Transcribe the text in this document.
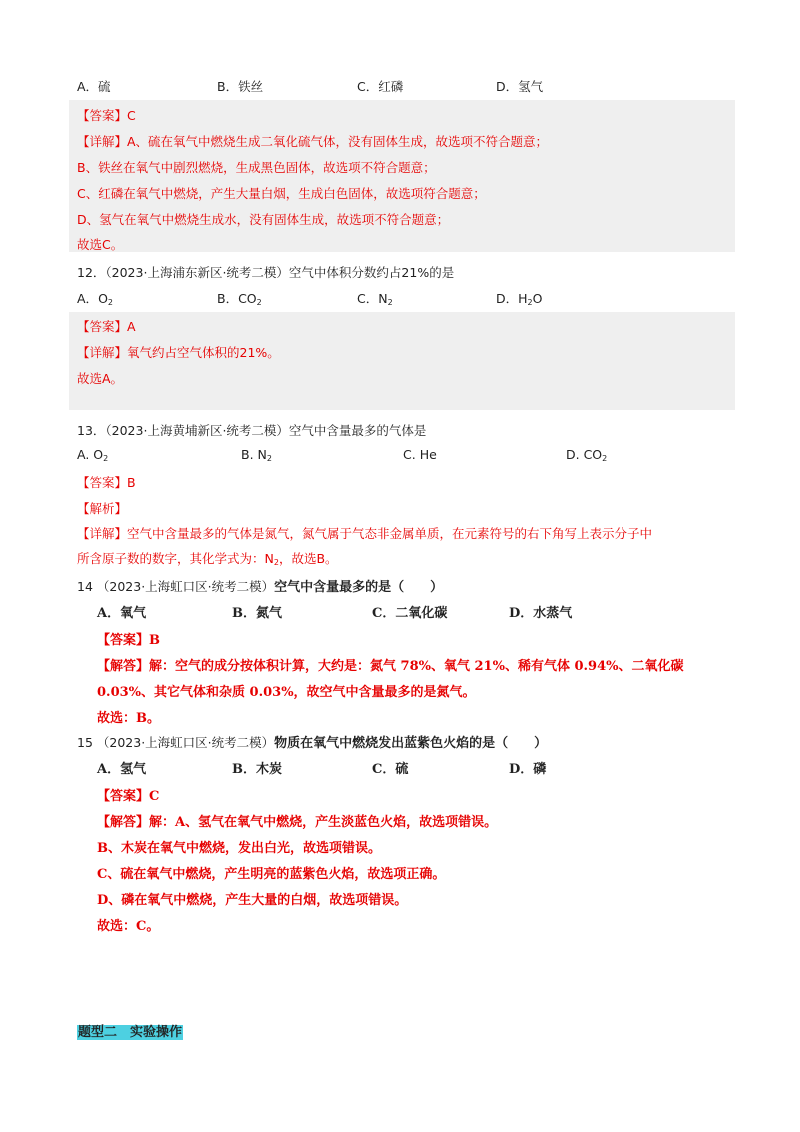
A．硫	B．铁丝	C．红磷	D．氢气
【答案】C
【详解】A、硫在氧气中燃烧生成二氧化硫气体，没有固体生成，故选项不符合题意；
B、铁丝在氧气中剧烈燃烧，生成黑色固体，故选项不符合题意；
C、红磷在氧气中燃烧，产生大量白烟，生成白色固体，故选项符合题意；
D、氢气在氧气中燃烧生成水，没有固体生成，故选项不符合题意；
故选C。
12．（2023·上海浦东新区·统考二模）空气中体积分数约占21%的是
A．$O_2$	B．$CO_2$	C．$N_2$	D．$H_2O$
【答案】A
【详解】氧气约占空气体积的21%。
故选A。
13．（2023·上海黄埔新区·统考二模）空气中含量最多的气体是
A. $O_2$	B. $N_2$	C. He	D. $CO_2$
【答案】B
【解析】
【详解】空气中含量最多的气体是氮气，氮气属于气态非金属单质，在元素符号的右下角写上表示分子中
所含原子数的数字，其化学式为：$N_2$，故选B。
14 （2023·上海虹口区·统考二模）空气中含量最多的是（　　）
A．氧气	B．氮气	C．二氧化碳	D．水蒸气
【答案】B
【解答】解：空气的成分按体积计算，大约是：氮气 78%、氧气 21%、稀有气体 0.94%、二氧化碳
0.03%、其它气体和杂质 0.03%，故空气中含量最多的是氮气。
故选：B。
15 （2023·上海虹口区·统考二模）物质在氧气中燃烧发出蓝紫色火焰的是（　　）
A．氢气	B．木炭	C．硫	D．磷
【答案】C
【解答】解：A、氢气在氧气中燃烧，产生淡蓝色火焰，故选项错误。
B、木炭在氧气中燃烧，发出白光，故选项错误。
C、硫在氧气中燃烧，产生明亮的蓝紫色火焰，故选项正确。
D、磷在氧气中燃烧，产生大量的白烟，故选项错误。
故选：C。
题型二　实验操作
